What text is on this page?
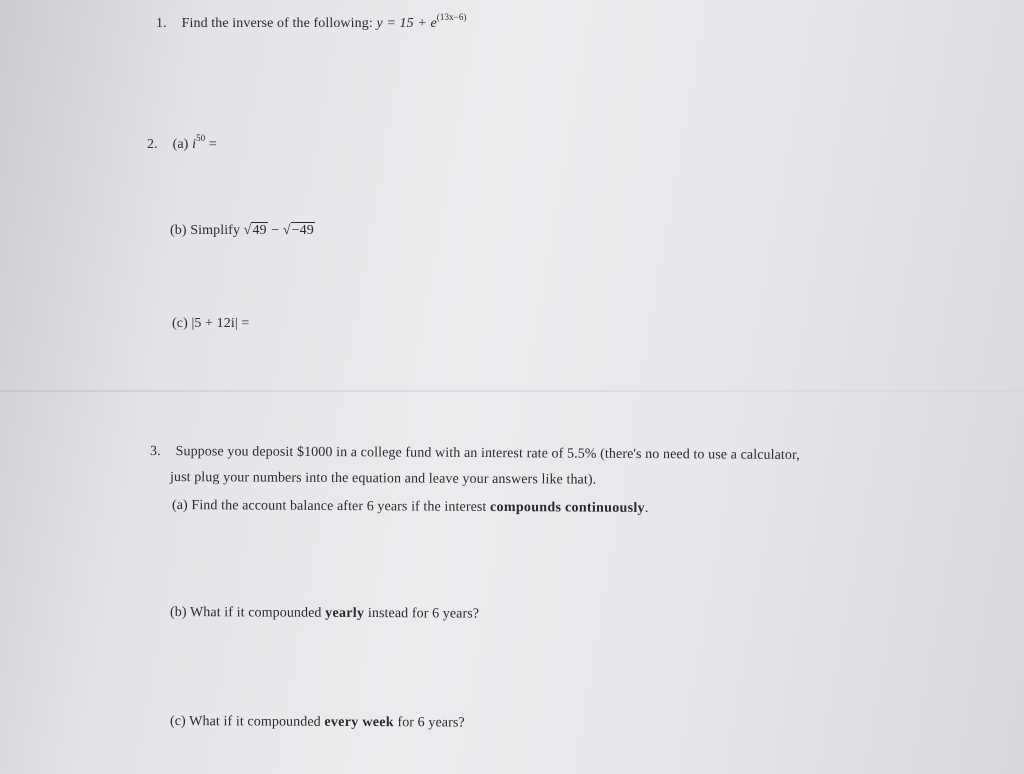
1. Find the inverse of the following: $y = 15 + e^{(13x-6)}$
2. (a) $i^{50}$ =
(b) Simplify √49 − √−49
(c) |5 + 12i| =
3. Suppose you deposit $1000 in a college fund with an interest rate of 5.5% (there's no need to use a calculator,
just plug your numbers into the equation and leave your answers like that).
(a) Find the account balance after 6 years if the interest compounds continuously.
(b) What if it compounded yearly instead for 6 years?
(c) What if it compounded every week for 6 years?
